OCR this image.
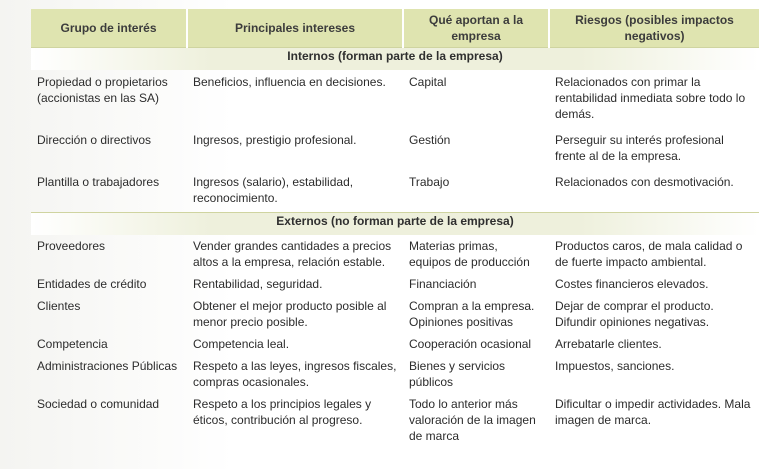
Grupo de interés	Principales intereses	Qué aportan a la empresa	Riesgos (posibles impactos negativos)
Internos (forman parte de la empresa)			
Propiedad o propietarios (accionistas en las SA)	Beneficios, influencia en decisiones.	Capital	Relacionados con primar la rentabilidad inmediata sobre todo lo demás.
Dirección o directivos	Ingresos, prestigio profesional.	Gestión	Perseguir su interés profesional frente al de la empresa.
Plantilla o trabajadores	Ingresos (salario), estabilidad, reconocimiento.	Trabajo	Relacionados con desmotivación.
Externos (no forman parte de la empresa)			
Proveedores	Vender grandes cantidades a precios altos a la empresa, relación estable.	Materias primas, equipos de producción	Productos caros, de mala calidad o de fuerte impacto ambiental.
Entidades de crédito	Rentabilidad, seguridad.	Financiación	Costes financieros elevados.
Clientes	Obtener el mejor producto posible al menor precio posible.	Compran a la empresa. Opiniones positivas	Dejar de comprar el producto. Difundir opiniones negativas.
Competencia	Competencia leal.	Cooperación ocasional	Arrebatarle clientes.
Administraciones Públicas	Respeto a las leyes, ingresos fiscales, compras ocasionales.	Bienes y servicios públicos	Impuestos, sanciones.
Sociedad o comunidad	Respeto a los principios legales y éticos, contribución al progreso.	Todo lo anterior más valoración de la imagen de marca	Dificultar o impedir actividades. Mala imagen de marca.
